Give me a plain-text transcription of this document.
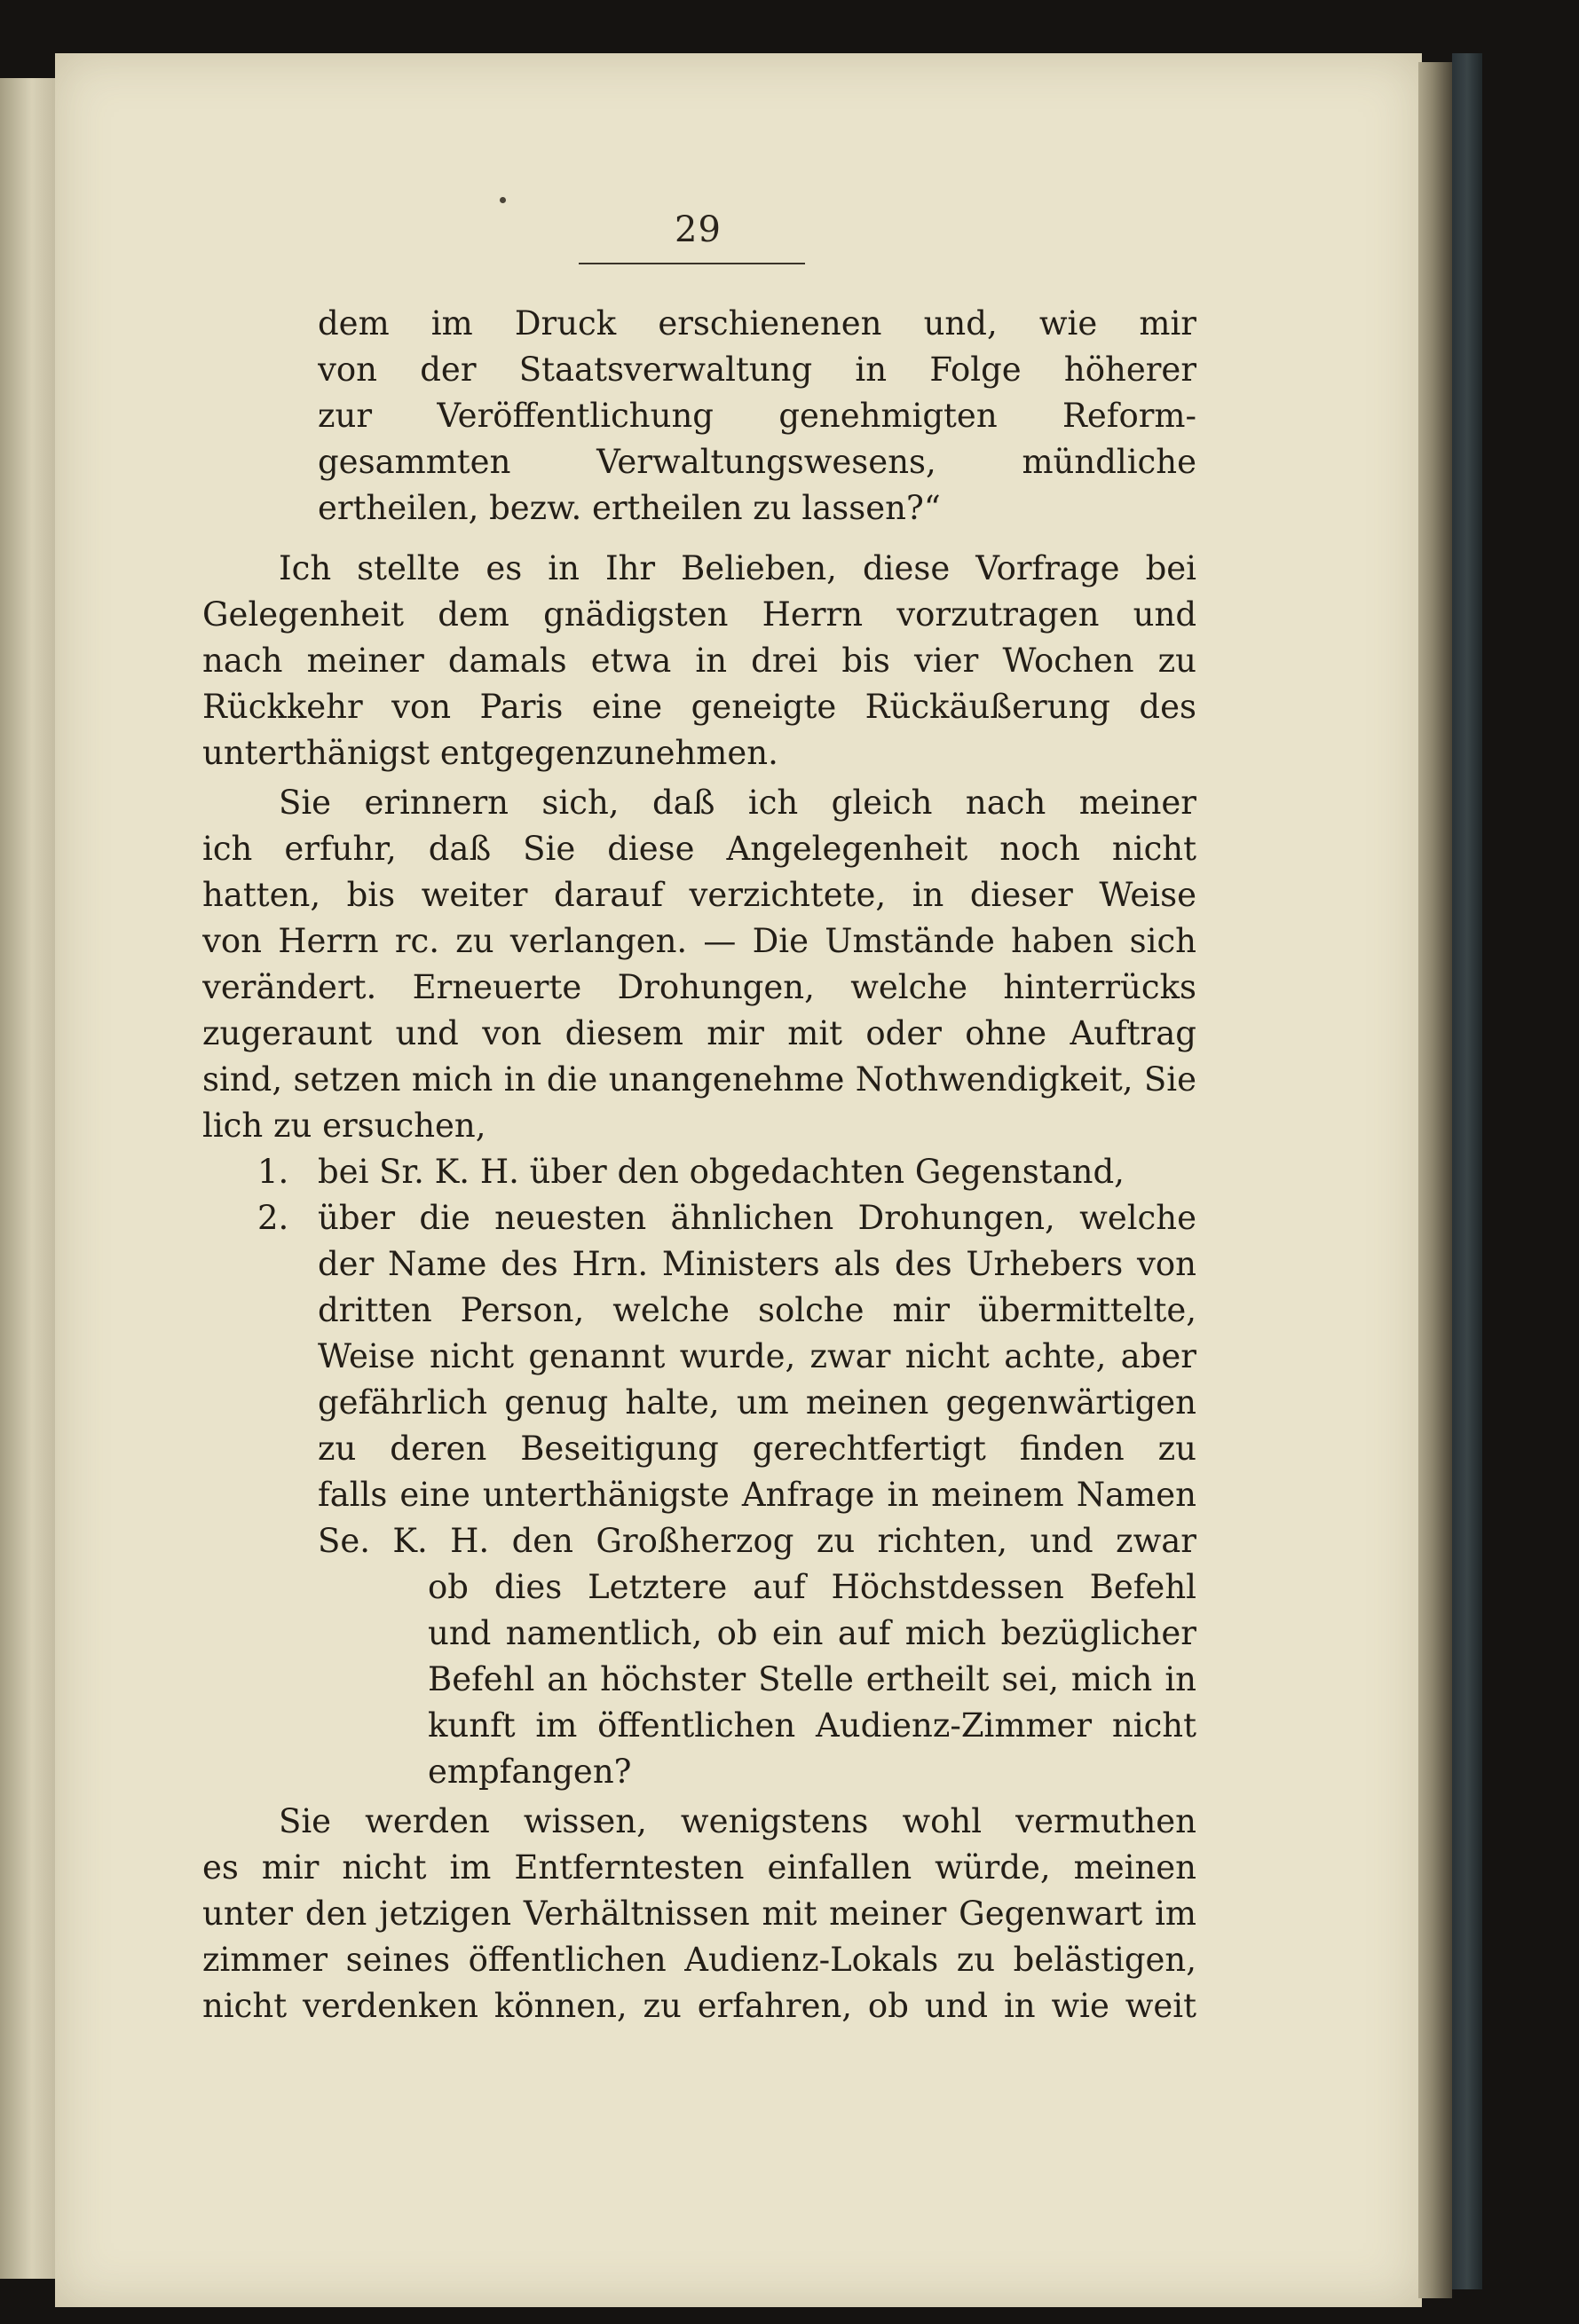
29
dem im Druck erschienenen und, wie mir
von der Staatsverwaltung in Folge höherer
zur Veröffentlichung genehmigten Reform-
gesammten Verwaltungswesens, mündliche
ertheilen, bezw. ertheilen zu lassen?“
Ich stellte es in Ihr Belieben, diese Vorfrage bei
Gelegenheit dem gnädigsten Herrn vorzutragen und
nach meiner damals etwa in drei bis vier Wochen zu
Rückkehr von Paris eine geneigte Rückäußerung des
unterthänigst entgegenzunehmen.
Sie erinnern sich, daß ich gleich nach meiner
ich erfuhr, daß Sie diese Angelegenheit noch nicht
hatten, bis weiter darauf verzichtete, in dieser Weise
von Herrn rc. zu verlangen. — Die Umstände haben sich
verändert. Erneuerte Drohungen, welche hinterrücks
zugeraunt und von diesem mir mit oder ohne Auftrag
sind, setzen mich in die unangenehme Nothwendigkeit, Sie
lich zu ersuchen,
1. bei Sr. K. H. über den obgedachten Gegenstand,
2. über die neuesten ähnlichen Drohungen, welche
der Name des Hrn. Ministers als des Urhebers von
dritten Person, welche solche mir übermittelte,
Weise nicht genannt wurde, zwar nicht achte, aber
gefährlich genug halte, um meinen gegenwärtigen
zu deren Beseitigung gerechtfertigt finden zu
falls eine unterthänigste Anfrage in meinem Namen
Se. K. H. den Großherzog zu richten, und zwar
ob dies Letztere auf Höchstdessen Befehl
und namentlich, ob ein auf mich bezüglicher
Befehl an höchster Stelle ertheilt sei, mich in
kunft im öffentlichen Audienz-Zimmer nicht
empfangen?
Sie werden wissen, wenigstens wohl vermuthen
es mir nicht im Entferntesten einfallen würde, meinen
unter den jetzigen Verhältnissen mit meiner Gegenwart im
zimmer seines öffentlichen Audienz-Lokals zu belästigen,
nicht verdenken können, zu erfahren, ob und in wie weit
